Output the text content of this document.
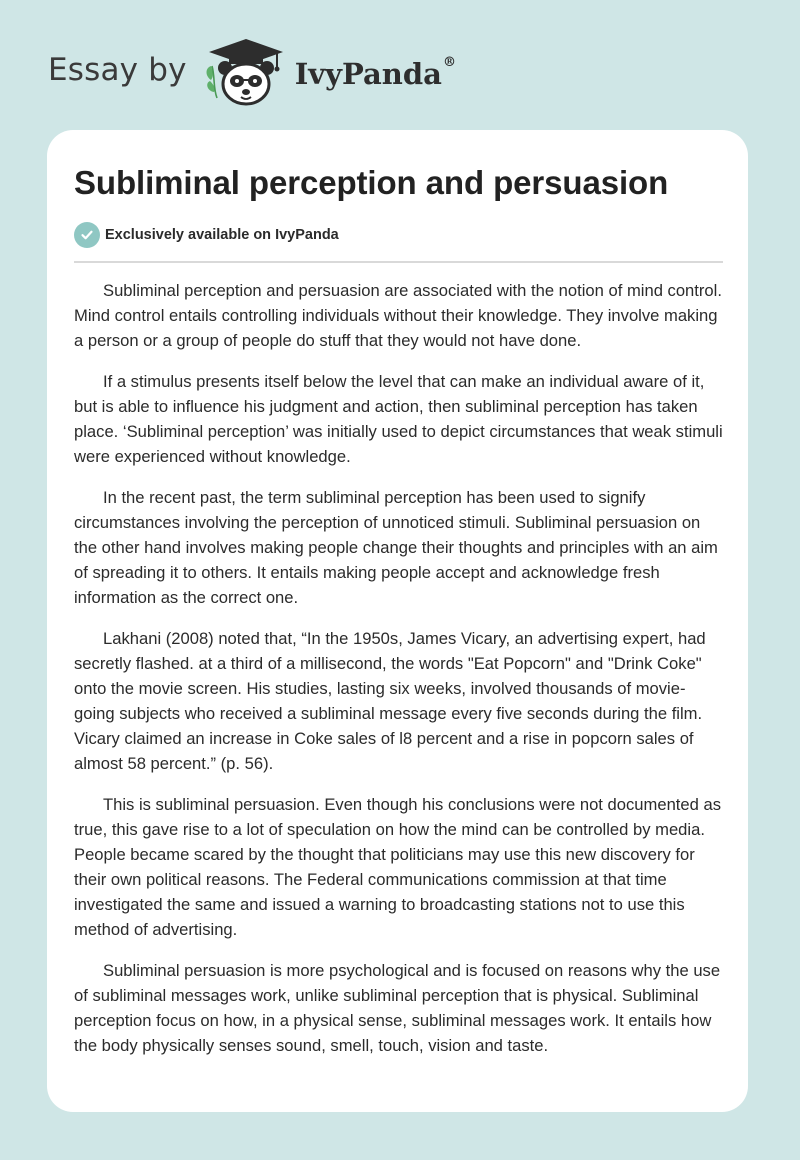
Essay by	IvyPanda®
Subliminal perception and persuasion
Exclusively available on IvyPanda

Subliminal perception and persuasion are associated with the notion of mind control. Mind control entails controlling individuals without their knowledge. They involve making a person or a group of people do stuff that they would not have done.

If a stimulus presents itself below the level that can make an individual aware of it, but is able to influence his judgment and action, then subliminal perception has taken place. ‘Subliminal perception’ was initially used to depict circumstances that weak stimuli were experienced without knowledge.

In the recent past, the term subliminal perception has been used to signify circumstances involving the perception of unnoticed stimuli. Subliminal persuasion on the other hand involves making people change their thoughts and principles with an aim of spreading it to others. It entails making people accept and acknowledge fresh information as the correct one.

Lakhani (2008) noted that, “In the 1950s, James Vicary, an advertising expert, had secretly flashed. at a third of a millisecond, the words "Eat Popcorn" and "Drink Coke" onto the movie screen. His studies, lasting six weeks, involved thousands of movie-going subjects who received a subliminal message every five seconds during the film. Vicary claimed an increase in Coke sales of l8 percent and a rise in popcorn sales of almost 58 percent.” (p. 56).

This is subliminal persuasion. Even though his conclusions were not documented as true, this gave rise to a lot of speculation on how the mind can be controlled by media. People became scared by the thought that politicians may use this new discovery for their own political reasons. The Federal communications commission at that time investigated the same and issued a warning to broadcasting stations not to use this method of advertising.

Subliminal persuasion is more psychological and is focused on reasons why the use of subliminal messages work, unlike subliminal perception that is physical. Subliminal perception focus on how, in a physical sense, subliminal messages work. It entails how the body physically senses sound, smell, touch, vision and taste.
